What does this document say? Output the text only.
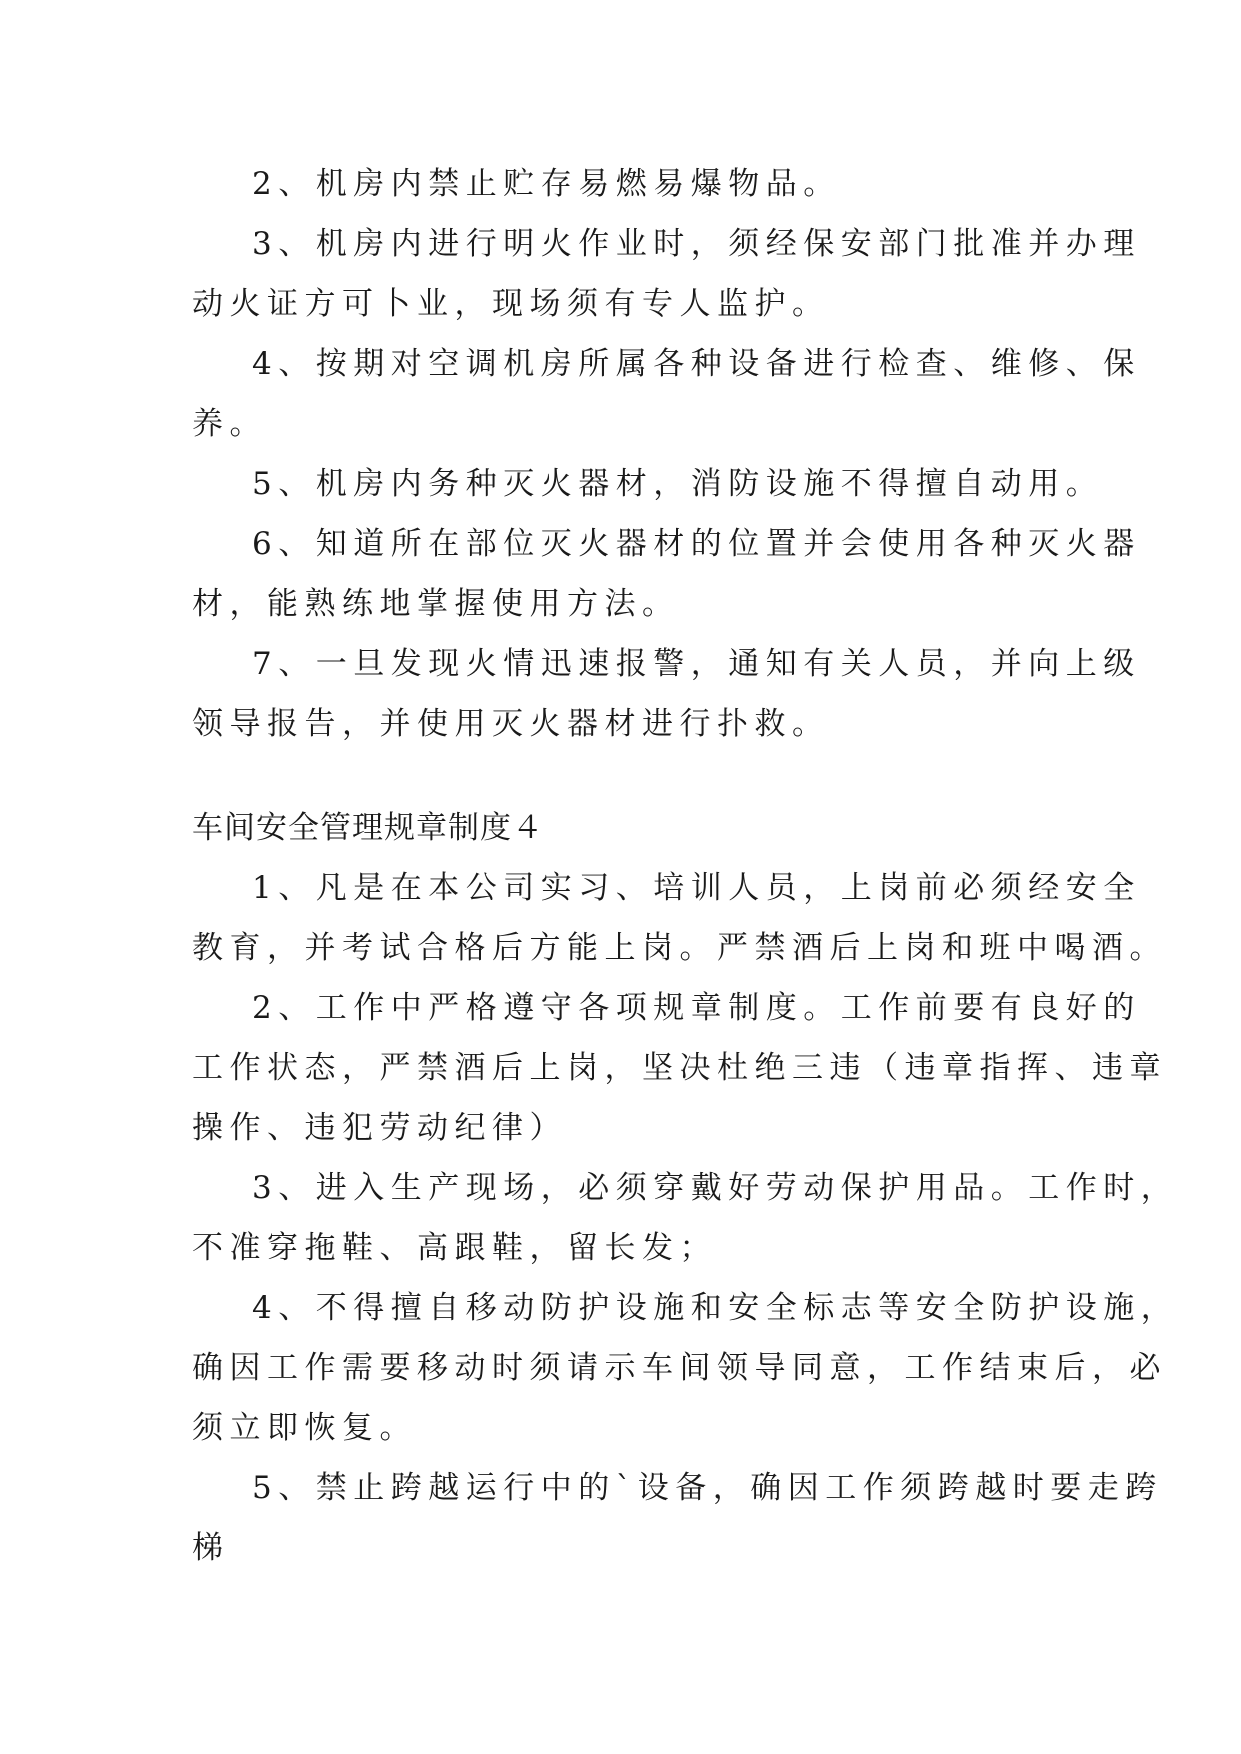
2、机房内禁止贮存易燃易爆物品。
3、机房内进行明火作业时，须经保安部门批准并办理
动火证方可卜业，现场须有专人监护。
4、按期对空调机房所属各种设备进行检查、维修、保
养。
5、机房内务种灭火器材，消防设施不得擅自动用。
6、知道所在部位灭火器材的位置并会使用各种灭火器
材，能熟练地掌握使用方法。
7、一旦发现火情迅速报警，通知有关人员，并向上级
领导报告，并使用灭火器材进行扑救。
车间安全管理规章制度４
1、凡是在本公司实习、培训人员，上岗前必须经安全
教育，并考试合格后方能上岗。严禁酒后上岗和班中喝酒。
2、工作中严格遵守各项规章制度。工作前要有良好的
工作状态，严禁酒后上岗，坚决杜绝三违（违章指挥、违章
操作、违犯劳动纪律）
3、进入生产现场，必须穿戴好劳动保护用品。工作时，
不准穿拖鞋、高跟鞋，留长发；
4、不得擅自移动防护设施和安全标志等安全防护设施，
确因工作需要移动时须请示车间领导同意，工作结束后，必
须立即恢复。
5、禁止跨越运行中的`设备，确因工作须跨越时要走跨
梯
